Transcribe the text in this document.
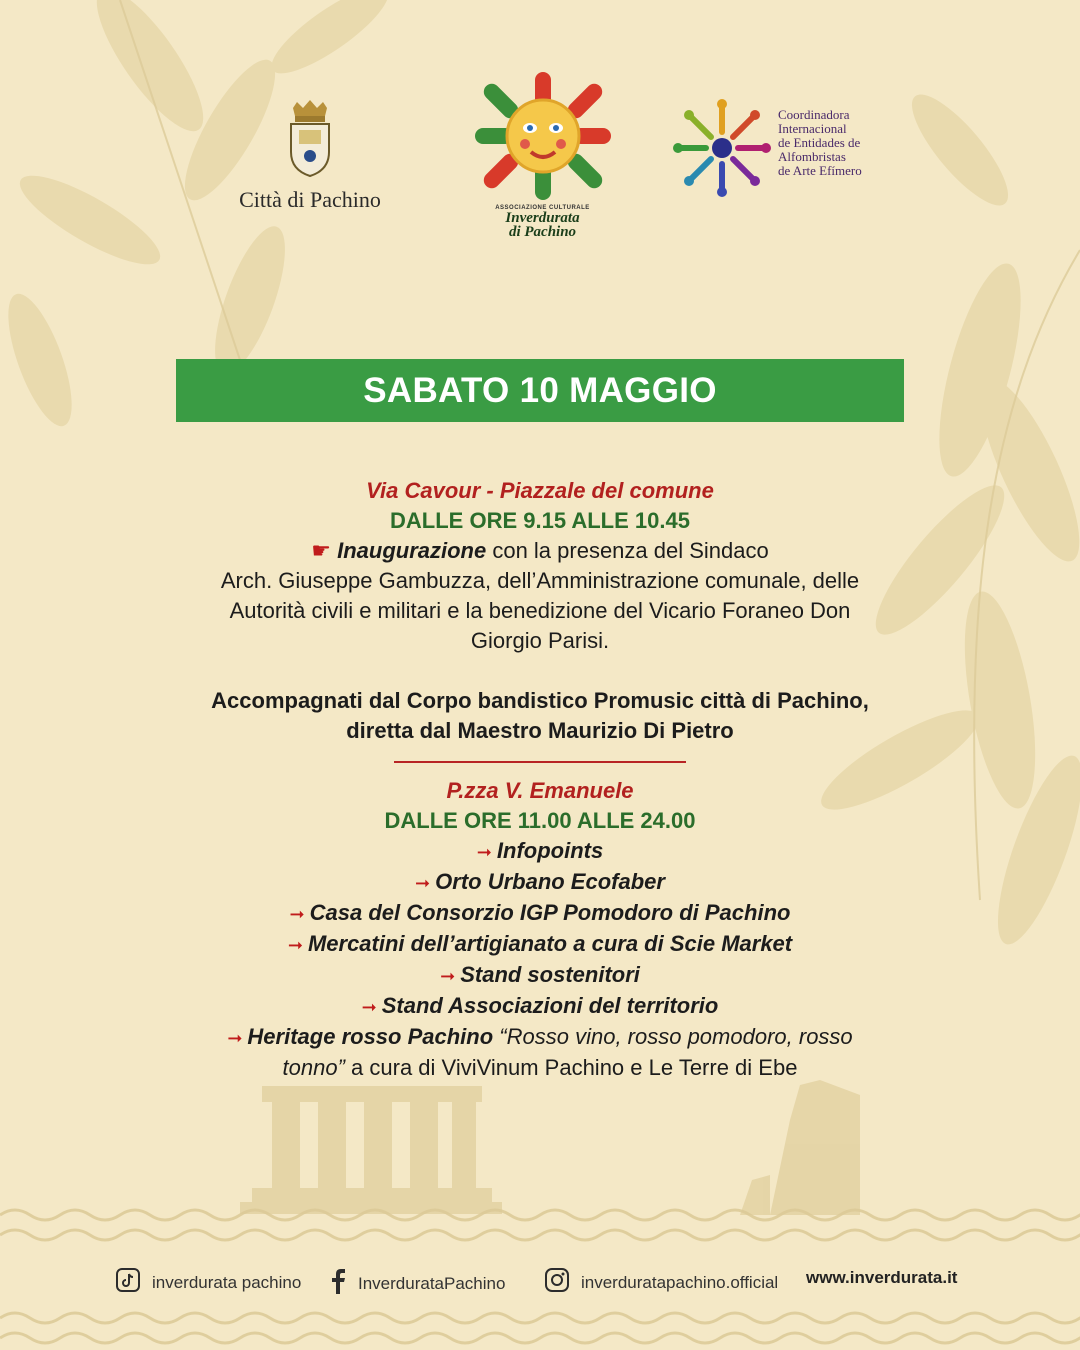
Città di Pachino	ASSOCIAZIONE CULTURALE
Inverdurata
di Pachino
Coordinadora
Internacional
de Entidades de
Alfombristas
de Arte Efímero
SABATO 10 MAGGIO
Via Cavour - Piazzale del comune
DALLE ORE 9.15 ALLE 10.45
☛ Inaugurazione con la presenza del Sindaco
Arch. Giuseppe Gambuzza, dell’Amministrazione comunale, delle
Autorità civili e militari e la benedizione del Vicario Foraneo Don
Giorgio Parisi.
Accompagnati dal Corpo bandistico Promusic città di Pachino,
diretta dal Maestro Maurizio Di Pietro
P.zza V. Emanuele
DALLE ORE 11.00 ALLE 24.00
➞ Infopoints
➞ Orto Urbano Ecofaber
➞ Casa del Consorzio IGP Pomodoro di Pachino
➞ Mercatini dell’artigianato a cura di Scie Market
➞ Stand sostenitori
➞ Stand Associazioni del territorio
➞ Heritage rosso Pachino “Rosso vino, rosso pomodoro, rosso
tonno” a cura di ViviVinum Pachino e Le Terre di Ebe
inverdurata pachino	InverdurataPachino	inverduratapachino.official www.inverdurata.it
